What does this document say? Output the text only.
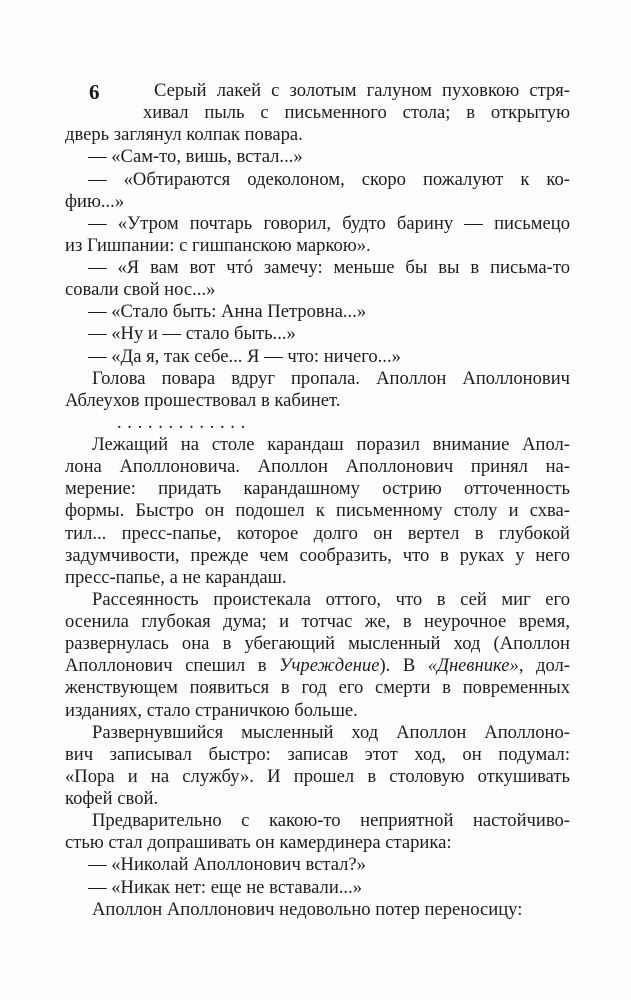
6	Серый лакей с золотым галуном пуховкою стря-
хивал пыль с письменного стола; в открытую
дверь заглянул колпак повара.
— «Сам-то, вишь, встал...»
— «Обтираются одеколоном, скоро пожалуют к ко-
фию...»
— «Утром почтарь говорил, будто барину — письмецо
из Гишпании: с гишпанскою маркою».
— «Я вам вот чтó замечу: меньше бы вы в письма-то
совали свой нос...»
— «Стало быть: Анна Петровна...»
— «Ну и — стало быть...»
— «Да я, так себе... Я — что: ничего...»
Голова повара вдруг пропала. Аполлон Аполлонович
Аблеухов прошествовал в кабинет.
. . . . . . . . . . . . .
Лежащий на столе карандаш поразил внимание Апол-
лона Аполлоновича. Аполлон Аполлонович принял на-
мерение: придать карандашному острию отточенность
формы. Быстро он подошел к письменному столу и схва-
тил... пресс-папье, которое долго он вертел в глубокой
задумчивости, прежде чем сообразить, что в руках у него
пресс-папье, а не карандаш.
Рассеянность проистекала оттого, что в сей миг его
осенила глубокая дума; и тотчас же, в неурочное время,
развернулась она в убегающий мысленный ход (Аполлон
Аполлонович спешил в Учреждение). В «Дневнике», дол-
женствующем появиться в год его смерти в повременных
изданиях, стало страничкою больше.
Развернувшийся мысленный ход Аполлон Аполлоно-
вич записывал быстро: записав этот ход, он подумал:
«Пора и на службу». И прошел в столовую откушивать
кофей свой.
Предварительно с какою-то неприятной настойчиво-
стью стал допрашивать он камердинера старика:
— «Николай Аполлонович встал?»
— «Никак нет: еще не вставали...»
Аполлон Аполлонович недовольно потер переносицу:
